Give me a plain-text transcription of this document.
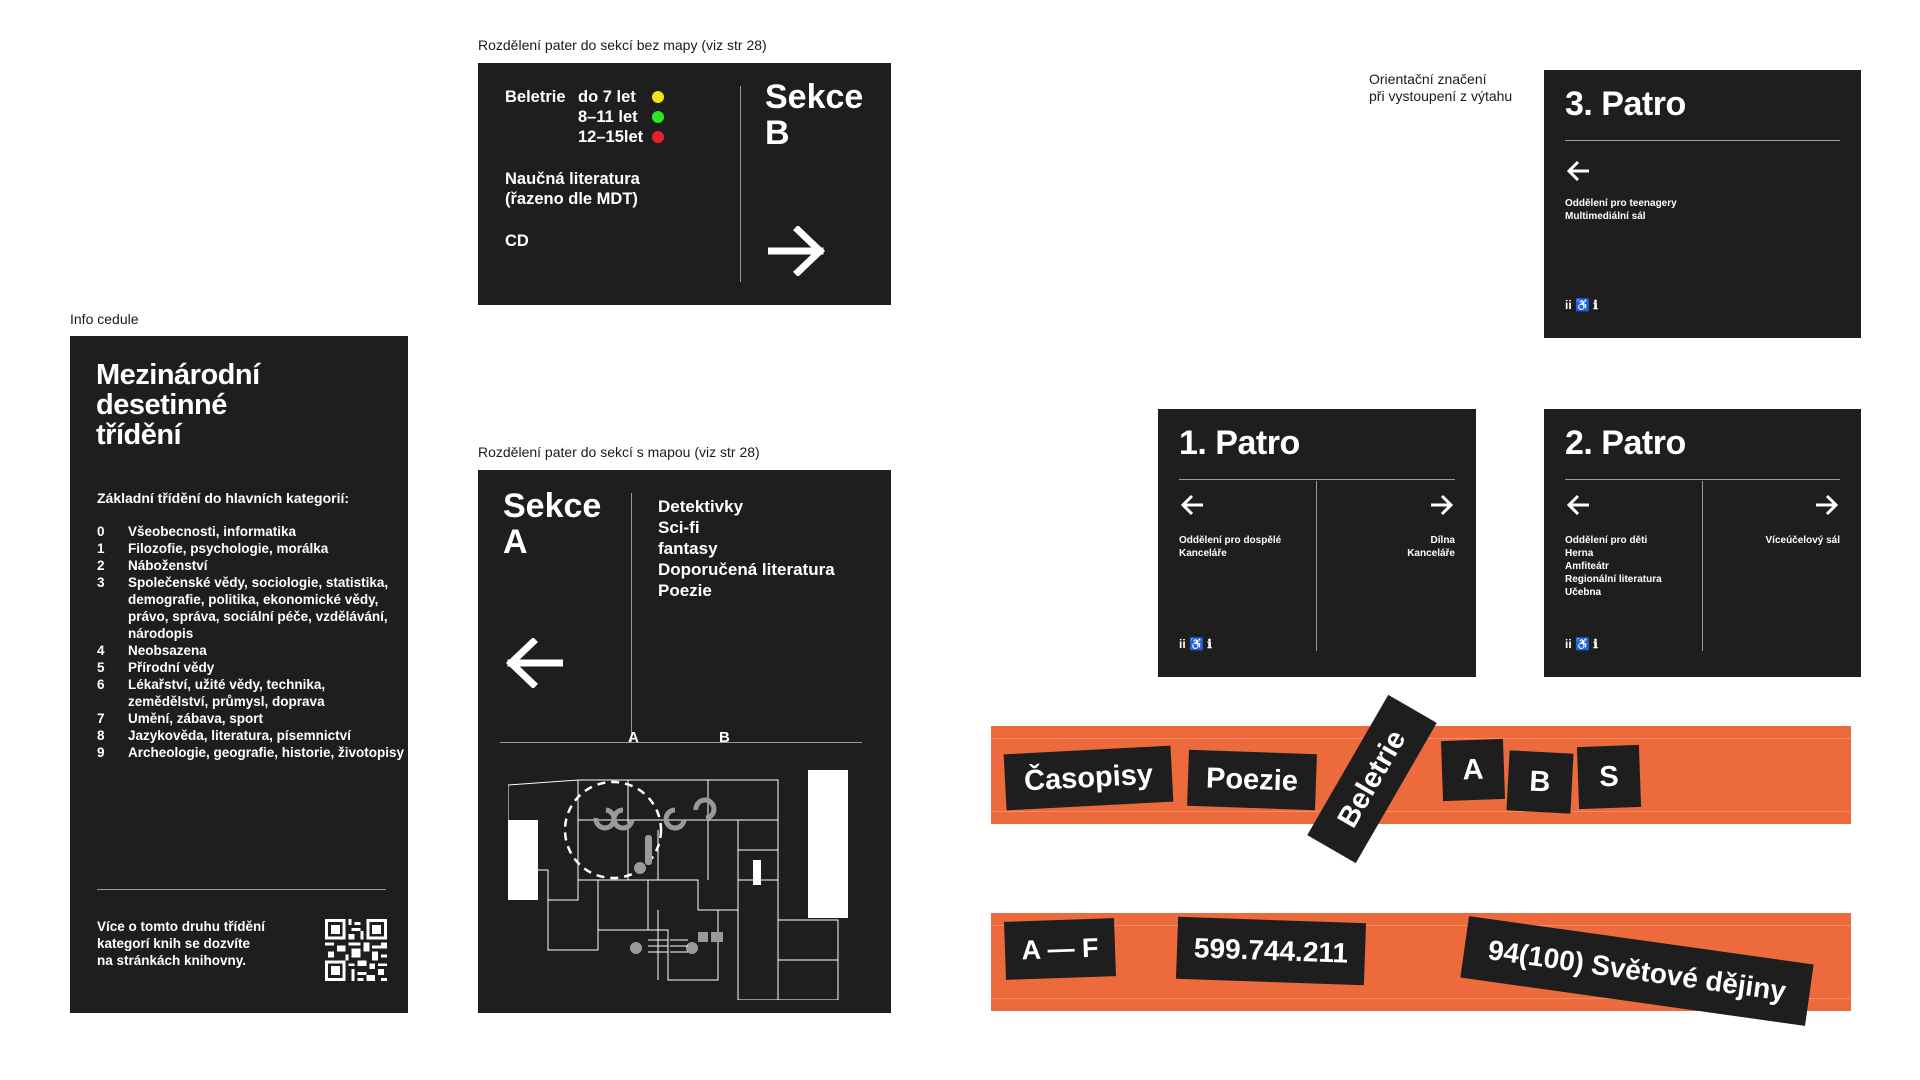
Info cedule
Rozdělení pater do sekcí bez mapy (viz str 28)
Rozdělení pater do sekcí s mapou (viz str 28)
Orientační značení
při vystoupení z výtahu
Mezinárodní
desetinné
třídění
Základní třídění do hlavních kategorií:
0	Všeobecnosti, informatika
1	Filozofie, psychologie, morálka
2	Náboženství
3	Společenské vědy, sociologie, statistika, demografie, politika, ekonomické vědy, právo, správa, sociální péče, vzdělávání, národopis
4	Neobsazena
5	Přírodní vědy
6	Lékařství, užité vědy, technika, zemědělství, průmysl, doprava
7	Umění, zábava, sport
8	Jazykověda, literatura, písemnictví
9	Archeologie, geografie, historie, životopisy
Více o tomto druhu třídění kategorí knih se dozvíte na stránkách knihovny.
Beletrie do 7 let
8–11 let
12–15let
Naučná literatura
(řazeno dle MDT)
CD
Sekce
B
Sekce
A
Detektivky
Sci-fi
fantasy
Doporučená literatura
Poezie
A	B
3. Patro
Oddělení pro teenagery
Multimediální sál
ii ♿ ℹ
1. Patro
Oddělení pro dospělé
Kanceláře
Dílna
Kanceláře
ii ♿ ℹ
2. Patro
Oddělení pro děti
Herna
Amfiteátr
Regionální literatura
Učebna
Víceúčelový sál
ii ♿ ℹ
Časopisy	Poezie	Beletrie	A	B	S
A — F	599.744.211	94(100) Světové dějiny
